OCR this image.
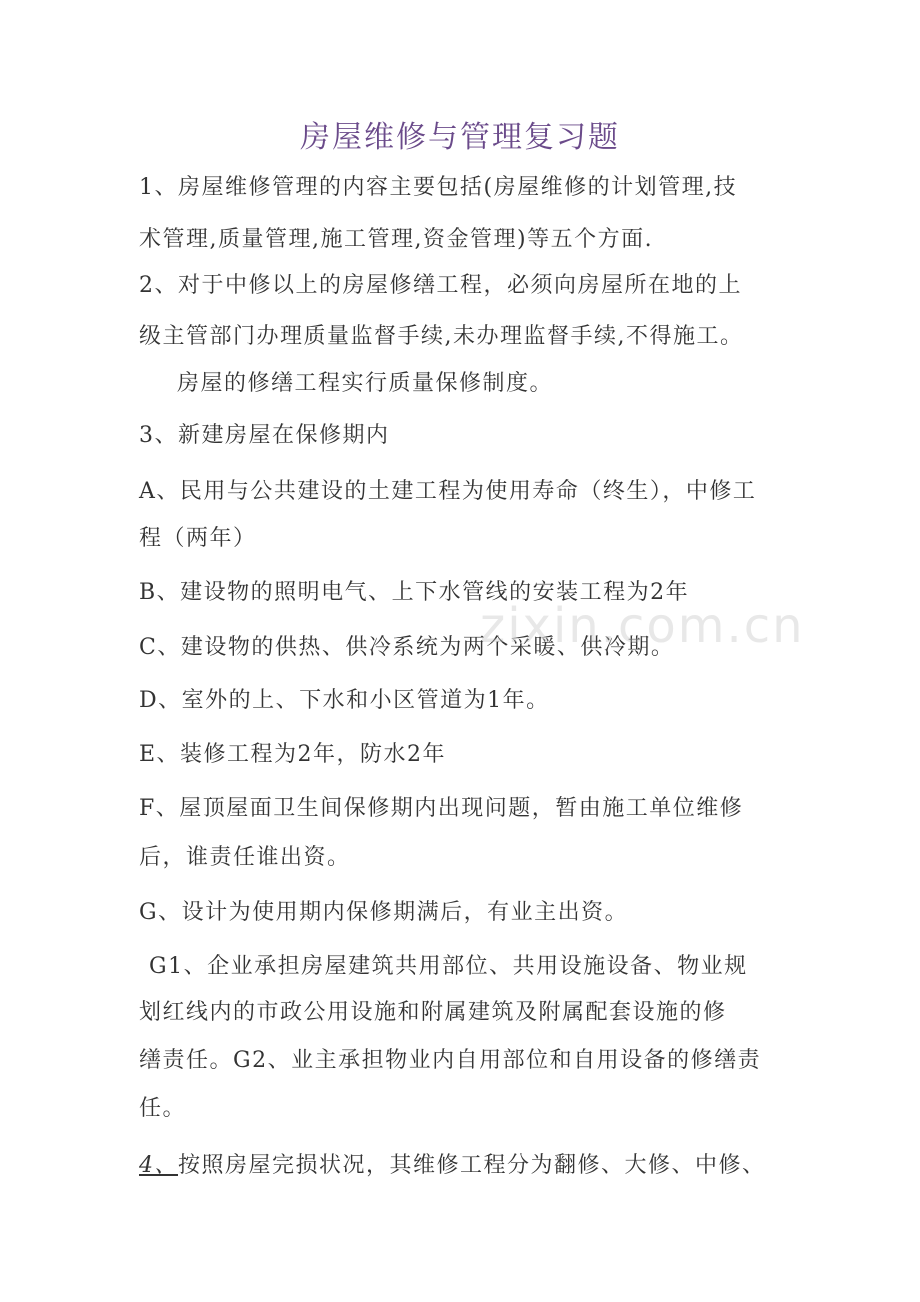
房屋维修与管理复习题
1、房屋维修管理的内容主要包括(房屋维修的计划管理,技
术管理,质量管理,施工管理,资金管理)等五个方面.
2、对于中修以上的房屋修缮工程，必须向房屋所在地的上
级主管部门办理质量监督手续,未办理监督手续,不得施工。
房屋的修缮工程实行质量保修制度。
3、新建房屋在保修期内
A、民用与公共建设的土建工程为使用寿命（终生），中修工
程（两年）
B、建设物的照明电气、上下水管线的安装工程为2年
C、建设物的供热、供冷系统为两个采暖、供冷期。
D、室外的上、下水和小区管道为1年。
E、装修工程为2年，防水2年
F、屋顶屋面卫生间保修期内出现问题，暂由施工单位维修
后，谁责任谁出资。
G、设计为使用期内保修期满后，有业主出资。
G1、企业承担房屋建筑共用部位、共用设施设备、物业规
划红线内的市政公用设施和附属建筑及附属配套设施的修
缮责任。G2、业主承担物业内自用部位和自用设备的修缮责
任。
4、按照房屋完损状况，其维修工程分为翻修、大修、中修、
zixin.com.cn
